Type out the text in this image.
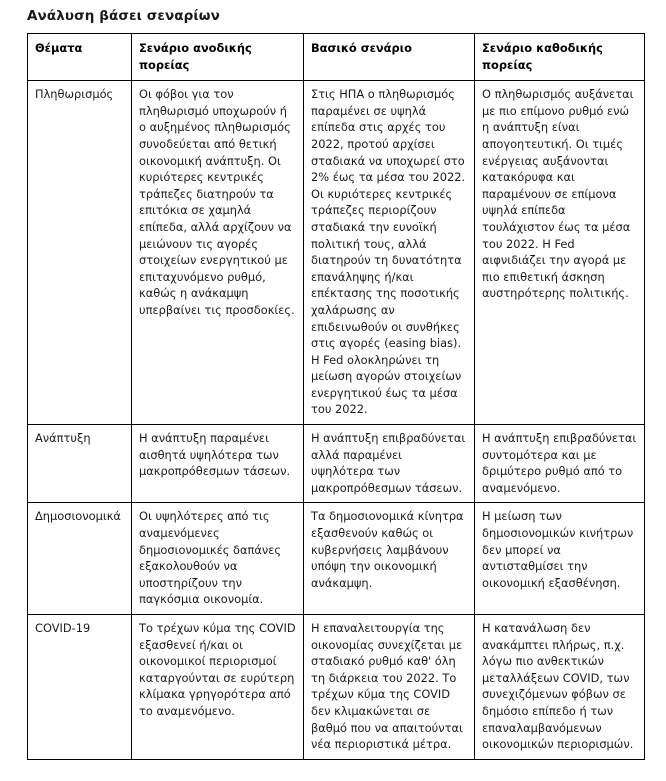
Ανάλυση βάσει σεναρίων
Θέματα	Σενάριο ανοδικής πορείας	Βασικό σενάριο	Σενάριο καθοδικής πορείας
Πληθωρισμός	Οι φόβοι για τον πληθωρισμό υποχωρούν ή ο αυξημένος πληθωρισμός συνοδεύεται από θετική οικονομική ανάπτυξη. Οι κυριότερες κεντρικές τράπεζες διατηρούν τα επιτόκια σε χαμηλά επίπεδα, αλλά αρχίζουν να μειώνουν τις αγορές στοιχείων ενεργητικού με επιταχυνόμενο ρυθμό, καθώς η ανάκαμψη υπερβαίνει τις προσδοκίες.	Στις ΗΠΑ ο πληθωρισμός παραμένει σε υψηλά επίπεδα στις αρχές του 2022, προτού αρχίσει σταδιακά να υποχωρεί στο 2% έως τα μέσα του 2022. Οι κυριότερες κεντρικές τράπεζες περιορίζουν σταδιακά την ευνοϊκή πολιτική τους, αλλά διατηρούν τη δυνατότητα επανάληψης ή/και επέκτασης της ποσοτικής χαλάρωσης αν επιδεινωθούν οι συνθήκες στις αγορές (easing bias). Η Fed ολοκληρώνει τη μείωση αγορών στοιχείων ενεργητικού έως τα μέσα του 2022.	Ο πληθωρισμός αυξάνεται με πιο επίμονο ρυθμό ενώ η ανάπτυξη είναι απογοητευτική. Οι τιμές ενέργειας αυξάνονται κατακόρυφα και παραμένουν σε επίμονα υψηλά επίπεδα τουλάχιστον έως τα μέσα του 2022. Η Fed αιφνιδιάζει την αγορά με πιο επιθετική άσκηση αυστηρότερης πολιτικής.
Ανάπτυξη	Η ανάπτυξη παραμένει αισθητά υψηλότερα των μακροπρόθεσμων τάσεων.	Η ανάπτυξη επιβραδύνεται αλλά παραμένει υψηλότερα των μακροπρόθεσμων τάσεων.	Η ανάπτυξη επιβραδύνεται συντομότερα και με δριμύτερο ρυθμό από το αναμενόμενο.
Δημοσιονομικά	Οι υψηλότερες από τις αναμενόμενες δημοσιονομικές δαπάνες εξακολουθούν να υποστηρίζουν την παγκόσμια οικονομία.	Τα δημοσιονομικά κίνητρα εξασθενούν καθώς οι κυβερνήσεις λαμβάνουν υπόψη την οικονομική ανάκαμψη.	Η μείωση των δημοσιονομικών κινήτρων δεν μπορεί να αντισταθμίσει την οικονομική εξασθένηση.
COVID-19	Το τρέχων κύμα της COVID εξασθενεί ή/και οι οικονομικοί περιορισμοί καταργούνται σε ευρύτερη κλίμακα γρηγορότερα από το αναμενόμενο.	Η επαναλειτουργία της οικονομίας συνεχίζεται με σταδιακό ρυθμό καθ' όλη τη διάρκεια του 2022. Το τρέχων κύμα της COVID δεν κλιμακώνεται σε βαθμό που να απαιτούνται νέα περιοριστικά μέτρα.	Η κατανάλωση δεν ανακάμπτει πλήρως, π.χ. λόγω πιο ανθεκτικών μεταλλάξεων COVID, των συνεχιζόμενων φόβων σε δημόσιο επίπεδο ή των επαναλαμβανόμενων οικονομικών περιορισμών.
